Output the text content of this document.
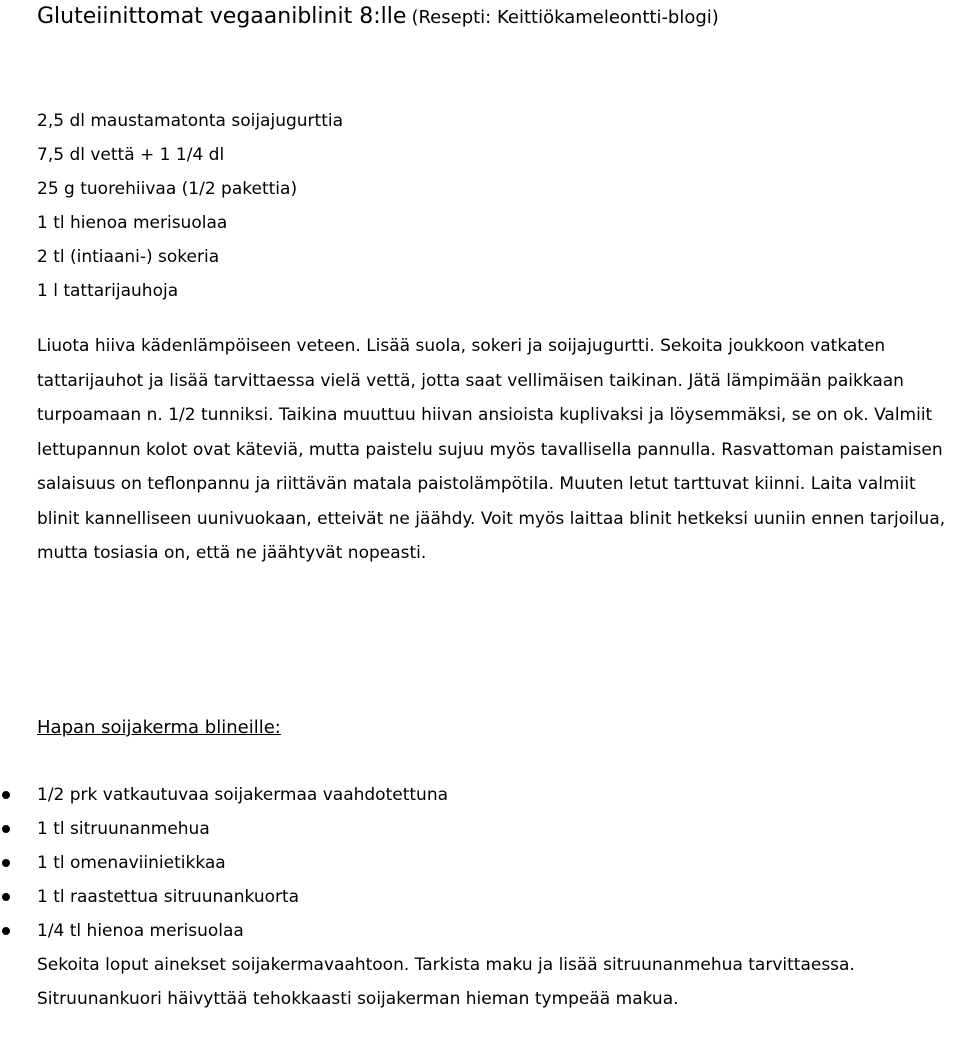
Gluteiinittomat vegaaniblinit 8:lle (Resepti: Keittiökameleontti-blogi)
2,5 dl maustamatonta soijajugurttia
7,5 dl vettä + 1 1/4 dl
25 g tuorehiivaa (1/2 pakettia)
1 tl hienoa merisuolaa
2 tl (intiaani-) sokeria
1 l tattarijauhoja

Liuota hiiva kädenlämpöiseen veteen. Lisää suola, sokeri ja soijajugurtti. Sekoita joukkoon vatkaten tattarijauhot ja lisää tarvittaessa vielä vettä, jotta saat vellimäisen taikinan. Jätä lämpimään paikkaan turpoamaan n. 1/2 tunniksi. Taikina muuttuu hiivan ansioista kuplivaksi ja löysemmäksi, se on ok. Valmiit lettupannun kolot ovat käteviä, mutta paistelu sujuu myös tavallisella pannulla. Rasvattoman paistamisen salaisuus on teflonpannu ja riittävän matala paistolämpötila. Muuten letut tarttuvat kiinni. Laita valmiit blinit kannelliseen uunivuokaan, etteivät ne jäähdy. Voit myös laittaa blinit hetkeksi uuniin ennen tarjoilua, mutta tosiasia on, että ne jäähtyvät nopeasti.

Hapan soijakerma blineille:
1/2 prk vatkautuvaa soijakermaa vaahdotettuna
1 tl sitruunanmehua
1 tl omenaviinietikkaa
1 tl raastettua sitruunankuorta
1/4 tl hienoa merisuolaa

Sekoita loput ainekset soijakermavaahtoon. Tarkista maku ja lisää sitruunanmehua tarvittaessa. Sitruunankuori häivyttää tehokkaasti soijakerman hieman tympeää makua.
